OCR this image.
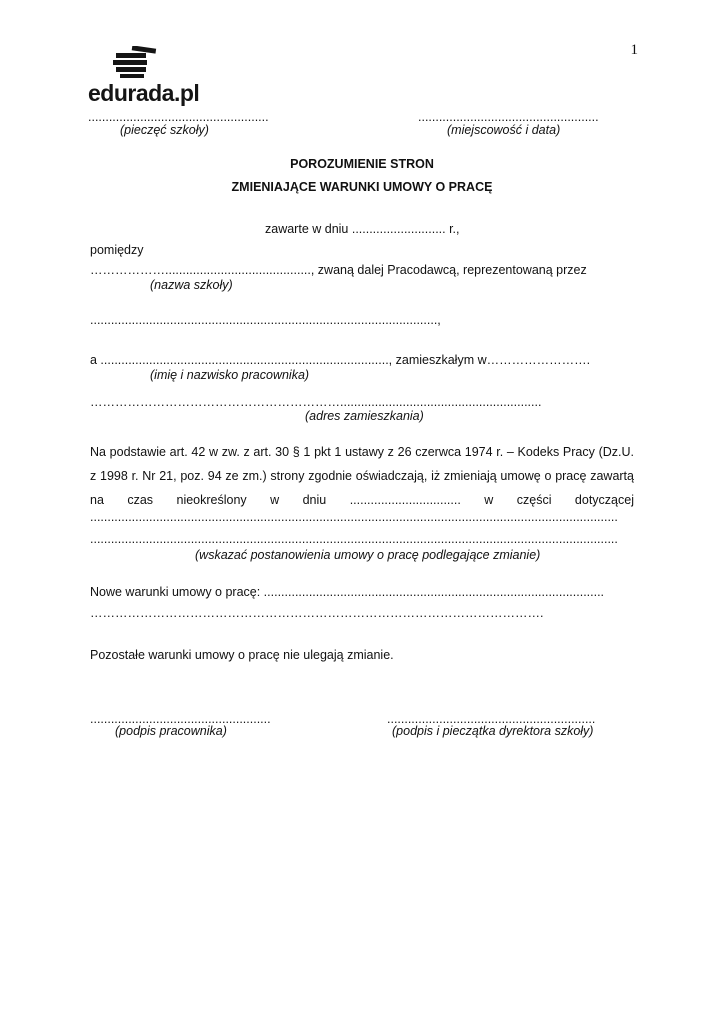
1
edurada.pl
....................................................
(pieczęć szkoły)
....................................................
(miejscowość i data)
POROZUMIENIE STRON
ZMIENIAJĄCE WARUNKI UMOWY O PRACĘ
zawarte w dniu ........................... r.,
pomiędzy
……………….........................................., zwaną dalej Pracodawcą, reprezentowaną przez
(nazwa szkoły)
....................................................................................................,
a ..................................................................................., zamieszkałym w…………………….
(imię i nazwisko pracownika)
……………………………………………………..........................................................
(adres zamieszkania)

Na podstawie art. 42 w zw. z art. 30 § 1 pkt 1 ustawy z 26 czerwca 1974 r. – Kodeks Pracy (Dz.U. z 1998 r. Nr 21, poz. 94 ze zm.) strony zgodnie oświadczają, iż zmieniają umowę o pracę zawartą na czas nieokreślony w dniu ................................ w części dotyczącej

........................................................................................................................................................
........................................................................................................................................................
(wskazać postanowienia umowy o pracę podlegające zmianie)
Nowe warunki umowy o pracę: ..................................................................................................
……………………………………………………………………………………………….
Pozostałe warunki umowy o pracę nie ulegają zmianie.
....................................................
(podpis pracownika)
............................................................
(podpis i pieczątka dyrektora szkoły)
